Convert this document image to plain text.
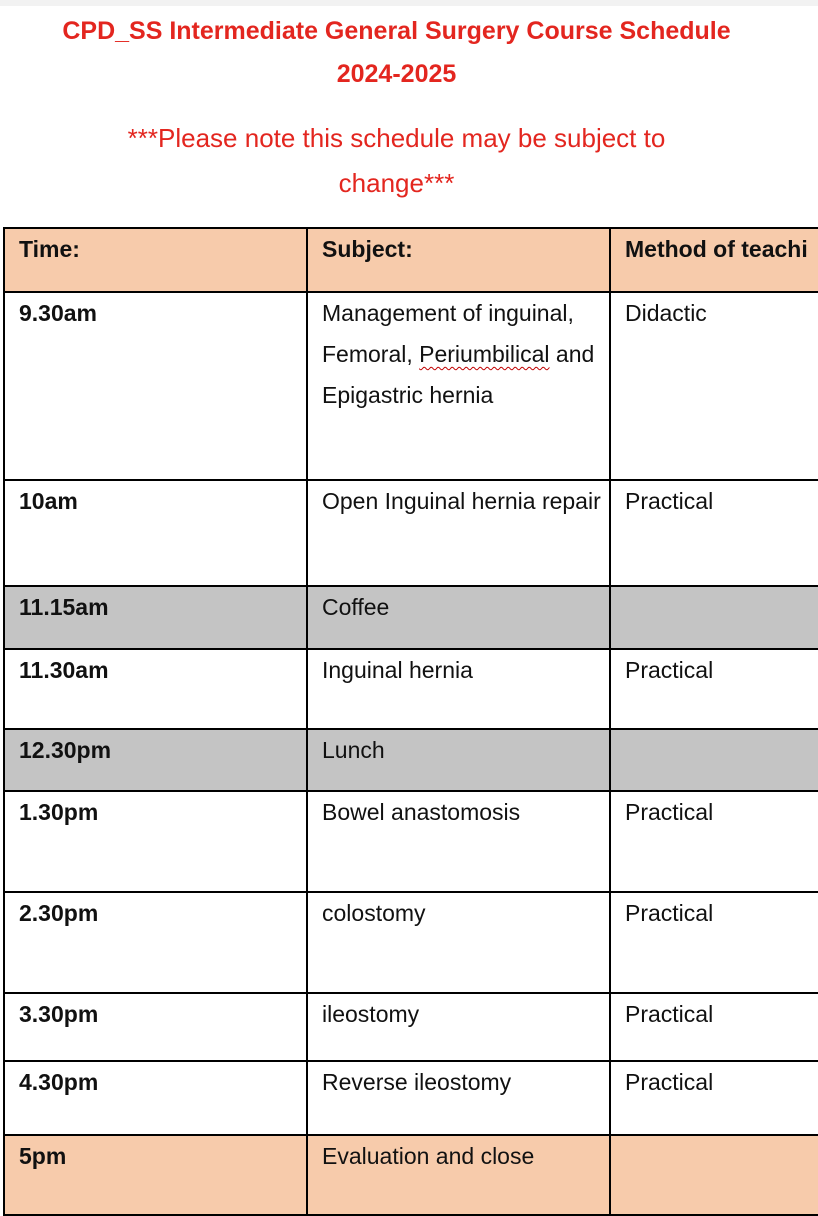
CPD_SS Intermediate General Surgery Course Schedule
2024-2025
***Please note this schedule may be subject to
change***
Time:	Subject:	Method of teachi
9.30am	Management of inguinal, Femoral, Periumbilical and Epigastric hernia	Didactic
10am	Open Inguinal hernia repair	Practical
11.15am	Coffee	
11.30am	Inguinal hernia	Practical
12.30pm	Lunch	
1.30pm	Bowel anastomosis	Practical
2.30pm	colostomy	Practical
3.30pm	ileostomy	Practical
4.30pm	Reverse ileostomy	Practical
5pm	Evaluation and close	
